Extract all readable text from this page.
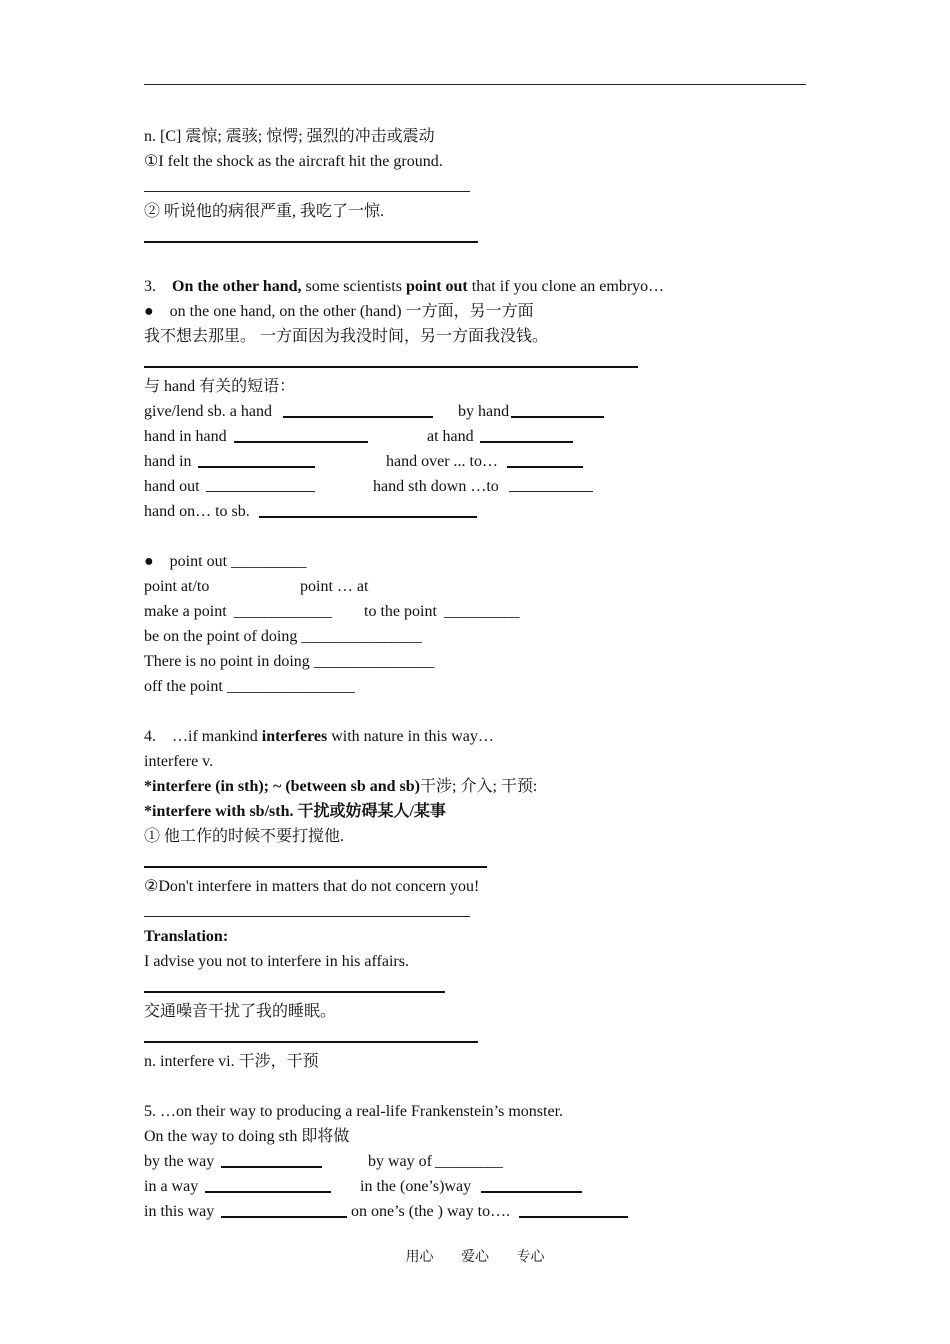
n. [C] 震惊; 震骇; 惊愕; 强烈的冲击或震动
①I felt the shock as the aircraft hit the ground.
② 听说他的病很严重, 我吃了一惊.
3. On the other hand, some scientists point out that if you clone an embryo…
● on the one hand, on the other (hand) 一方面，另一方面
我不想去那里。 一方面因为我没时间，另一方面我没钱。
与 hand 有关的短语：
give/lend sb. a hand	by hand
hand in hand	at hand
hand in	hand over ... to…
hand out	hand sth down …to
hand on… to sb.
● point out __________
point at/to	point … at
make a point _____________ to the point __________
be on the point of doing ________________
There is no point in doing ________________
off the point _________________
4.    …if mankind interferes with nature in this way…
interfere v.
*interfere (in sth); ~ (between sb and sb)干涉; 介入; 干预:
*interfere with sb/sth. 干扰或妨碍某人/某事
① 他工作的时候不要打搅他.
②Don't interfere in matters that do not concern you!
Translation:
I advise you not to interfere in his affairs.
交通噪音干扰了我的睡眠。
n. interfere vi. 干涉，干预
5. …on their way to producing a real-life Frankenstein’s monster.
On the way to doing sth 即将做
by the way	by way of _________
in a way	in the (one’s)way
in this way	on one’s (the ) way to….
用心 爱心 专心
